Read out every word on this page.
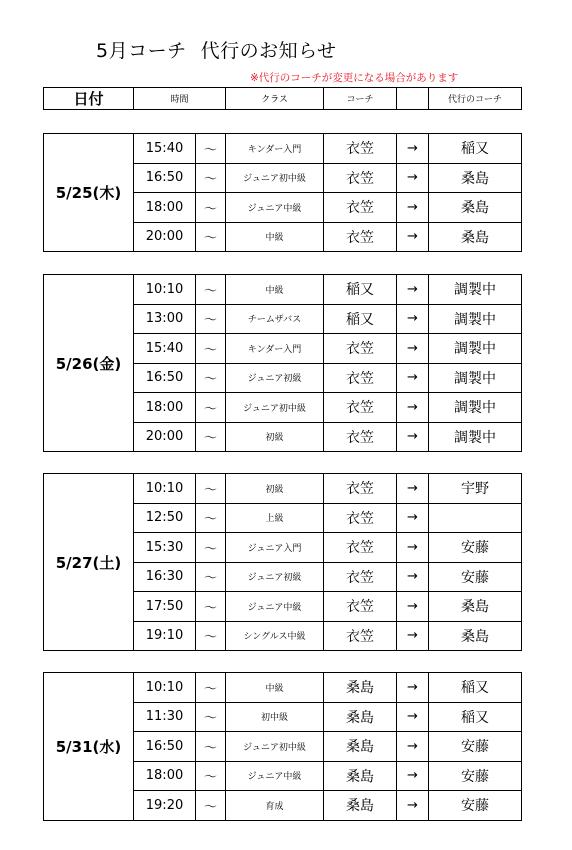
5月コーチ 代行のお知らせ
※代行のコーチが変更になる場合があります
日付	時間	クラス	コーチ		代行のコーチ
5/25(木)	15:40	～	キンダー入門	衣笠	→	稲又
	16:50	～	ジュニア初中級	衣笠	→	桑島
	18:00	～	ジュニア中級	衣笠	→	桑島
	20:00	～	中級	衣笠	→	桑島
5/26(金)	10:10	～	中級	稲又	→	調製中
	13:00	～	チームザバス	稲又	→	調製中
	15:40	～	キンダー入門	衣笠	→	調製中
	16:50	～	ジュニア初級	衣笠	→	調製中
	18:00	～	ジュニア初中級	衣笠	→	調製中
	20:00	～	初級	衣笠	→	調製中
5/27(土)	10:10	～	初級	衣笠	→	宇野
	12:50	～	上級	衣笠	→	
	15:30	～	ジュニア入門	衣笠	→	安藤
	16:30	～	ジュニア初級	衣笠	→	安藤
	17:50	～	ジュニア中級	衣笠	→	桑島
	19:10	～	シングルス中級	衣笠	→	桑島
5/31(水)	10:10	～	中級	桑島	→	稲又
	11:30	～	初中級	桑島	→	稲又
	16:50	～	ジュニア初中級	桑島	→	安藤
	18:00	～	ジュニア中級	桑島	→	安藤
	19:20	～	育成	桑島	→	安藤
